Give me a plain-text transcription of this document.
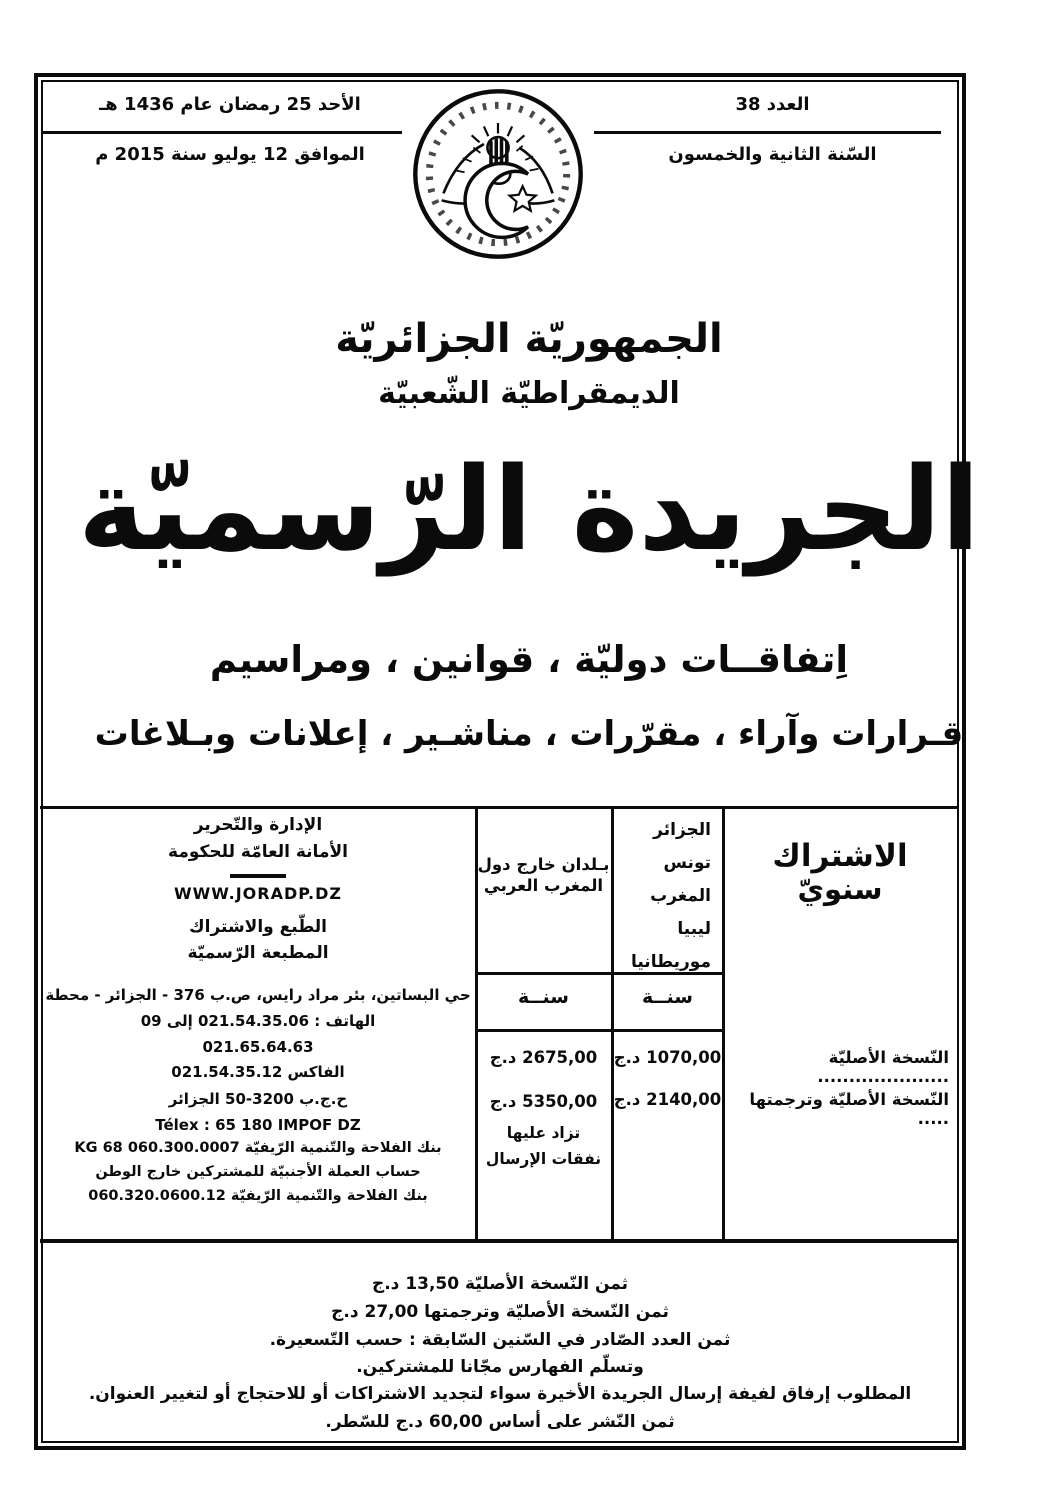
الأحد 25 رمضان عام 1436 هـ
الموافق 12 يوليو سنة 2015 م
العدد 38
السّنة الثانية والخمسون
الجمهوريّة الجزائريّة
الديمقراطيّة الشّعبيّة
الجريدة الرّسميّة
اِتفاقــات دوليّة ، قوانين ، ومراسيم
قـرارات وآراء ، مقرّرات ، مناشـير ، إعلانات وبـلاغات
الاشتراك
سنويّ
النّسخة الأصليّة .....................
النّسخة الأصليّة وترجمتها .....
الجزائر
تونس
المغرب
ليبيا
موريطانيا
سنــة
1070,00 د.ج
2140,00 د.ج
بـلدان خارج دول
المغرب العربي
سنــة
2675,00 د.ج
5350,00 د.ج
تزاد عليها
نفقات الإرسال
الإدارة والتّحرير
الأمانة العامّة للحكومة
WWW.JORADP.DZ
الطّبع والاشتراك
المطبعة الرّسميّة
حي البساتين، بئر مراد رايس، ص.ب 376 - الجزائر - محطة
الهاتف : 021.54.35.06 إلى 09
021.65.64.63
الفاكس 021.54.35.12
ح.ج.ب 3200-50 الجزائر
Télex : 65 180 IMPOF DZ
بنك الفلاحة والتّنمية الرّيفيّة 060.300.0007 68 KG
حساب العملة الأجنبيّة للمشتركين خارج الوطن
بنك الفلاحة والتّنمية الرّيفيّة 060.320.0600.12
ثمن النّسخة الأصليّة 13,50 د.ج
ثمن النّسخة الأصليّة وترجمتها 27,00 د.ج
ثمن العدد الصّادر في السّنين السّابقة : حسب التّسعيرة.
وتسلّم الفهارس مجّانا للمشتركين.
المطلوب إرفاق لفيفة إرسال الجريدة الأخيرة سواء لتجديد الاشتراكات أو للاحتجاج أو لتغيير العنوان.
ثمن النّشر على أساس 60,00 د.ج للسّطر.
